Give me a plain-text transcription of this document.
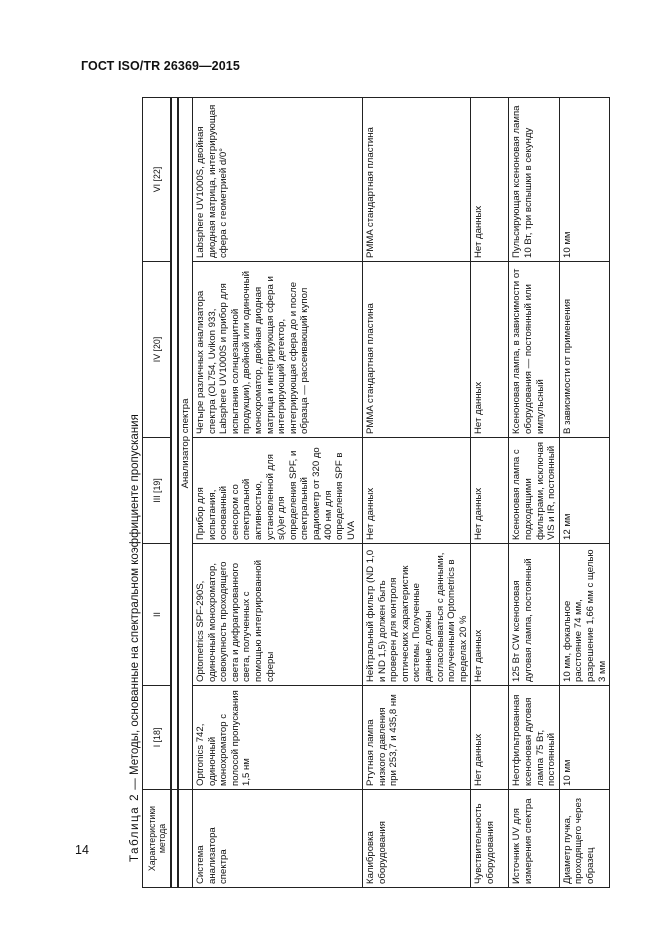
ГОСТ ISO/TR 26369—2015
Таблица 2 — Методы, основанные на спектральном коэффициенте пропускания
Характеристики метода	I [18]	II	III [19]	IV [20]	VI [22]

	Анализатор спектра				
Система анализатора спектра	Optronics 742, одиночный монохроматор с полосой пропускания 1,5 нм	Optometrics SPF-290S, одиночный монохроматор, совокупность проходящего света и дифрагированного света, полученных с помощью интегрированной сферы	Прибор для испытания, основанный сенсором со спектральной активностью, установленной для s(λ)er для определения SPF, и спектральный радиометр от 320 до 400 нм для определения SPF в UVA	Четыре различных анализатора спектра (OL754, Uvikon 933, Labsphere UV1000S и прибор для испытания солнцезащитной продукции), двойной или одиночный монохроматор, двойная диодная матрица и интегрирующая сфера и интегрирующий детектор, интегрирующая сфера до и после образца — рассеивающий купол	Labsphere UV1000S, двойная диодная матрица, интегрирующая сфера с геометрией d/0°
Калибровка оборудования	Ртутная лампа низкого давления при 253,7 и 435,8 нм	Нейтральный фильтр (ND 1,0 и ND 1,5) должен быть проверен для контроля оптических характеристик системы. Полученные данные должны согласовываться с данными, полученными Optometrics в пределах 20 %	Нет данных	PMMA стандартная пластина	PMMA стандартная пластина
Чувствительность оборудования	Нет данных	Нет данных	Нет данных	Нет данных	Нет данных
Источник UV для измерения спектра	Неотфильтрованная ксеноновая дуговая лампа 75 Вт, постоянный	125 Вт CW ксеноновая дуговая лампа, постоянный	Ксеноновая лампа с подходящими фильтрами, исключая VIS и IR, постоянный	Ксеноновая лампа, в зависимости от оборудования — постоянный или импульсный	Пульсирующая ксеноновая лампа 10 Вт, три вспышки в секунду
Диаметр пучка, проходящего через образец	10 мм	10 мм, фокальное расстояние 74 мм, разрешение 1,66 мм с щелью 3 мм	12 мм	В зависимости от применения	10 мм
14
